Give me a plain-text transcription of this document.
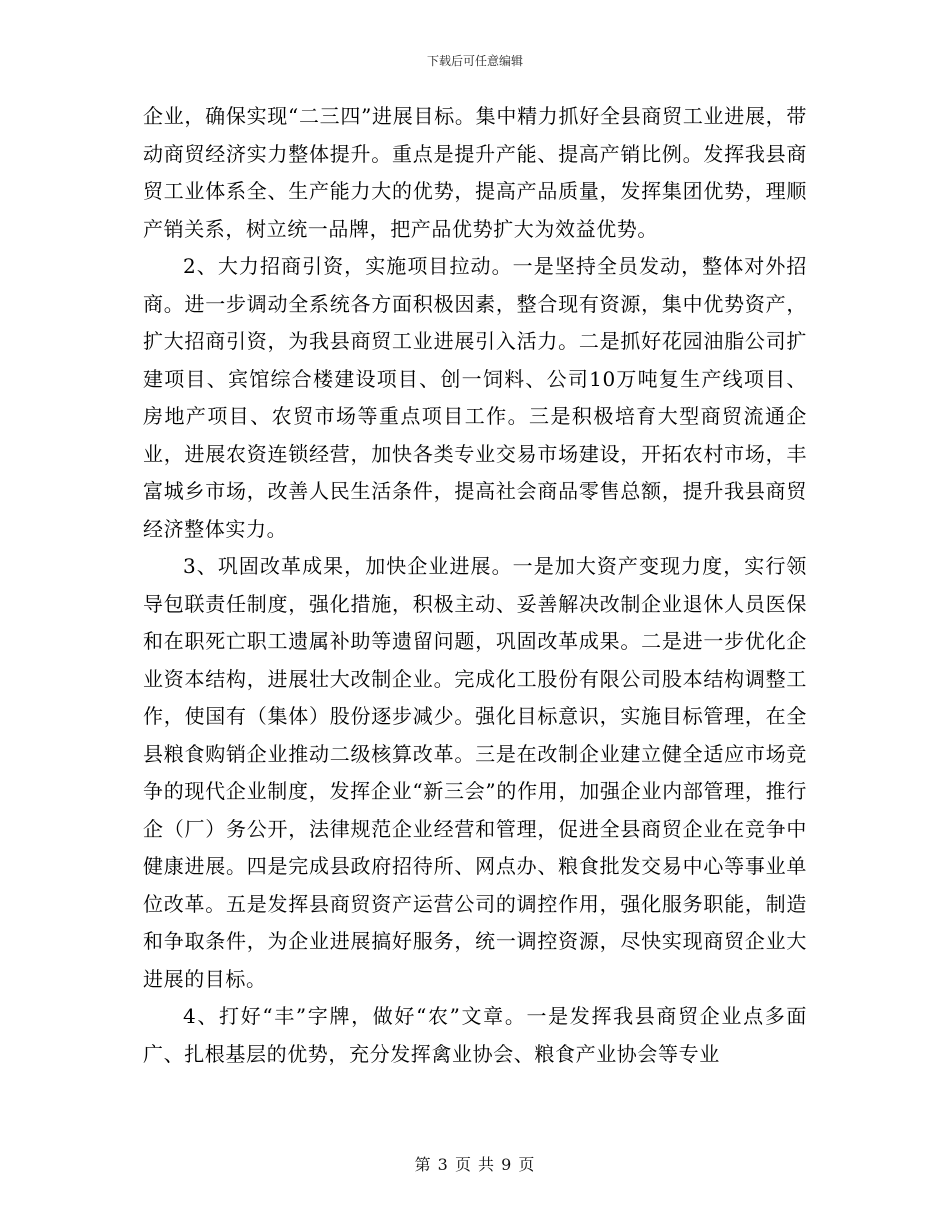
下载后可任意编辑

企业，确保实现“二三四”进展目标。集中精力抓好全县商贸工业进展，带动商贸经济实力整体提升。重点是提升产能、提高产销比例。发挥我县商贸工业体系全、生产能力大的优势，提高产品质量，发挥集团优势，理顺产销关系，树立统一品牌，把产品优势扩大为效益优势。

2、大力招商引资，实施项目拉动。一是坚持全员发动，整体对外招商。进一步调动全系统各方面积极因素，整合现有资源，集中优势资产，扩大招商引资，为我县商贸工业进展引入活力。二是抓好花园油脂公司扩建项目、宾馆综合楼建设项目、创一饲料、公司10万吨复生产线项目、房地产项目、农贸市场等重点项目工作。三是积极培育大型商贸流通企业，进展农资连锁经营，加快各类专业交易市场建设，开拓农村市场，丰富城乡市场，改善人民生活条件，提高社会商品零售总额，提升我县商贸经济整体实力。

3、巩固改革成果，加快企业进展。一是加大资产变现力度，实行领导包联责任制度，强化措施，积极主动、妥善解决改制企业退休人员医保和在职死亡职工遗属补助等遗留问题，巩固改革成果。二是进一步优化企业资本结构，进展壮大改制企业。完成化工股份有限公司股本结构调整工作，使国有（集体）股份逐步减少。强化目标意识，实施目标管理，在全县粮食购销企业推动二级核算改革。三是在改制企业建立健全适应市场竞争的现代企业制度，发挥企业“新三会”的作用，加强企业内部管理，推行企（厂）务公开，法律规范企业经营和管理，促进全县商贸企业在竞争中健康进展。四是完成县政府招待所、网点办、粮食批发交易中心等事业单位改革。五是发挥县商贸资产运营公司的调控作用，强化服务职能，制造和争取条件，为企业进展搞好服务，统一调控资源，尽快实现商贸企业大进展的目标。

4、打好“丰”字牌，做好“农”文章。一是发挥我县商贸企业点多面广、扎根基层的优势，充分发挥禽业协会、粮食产业协会等专业

第 3 页 共 9 页
